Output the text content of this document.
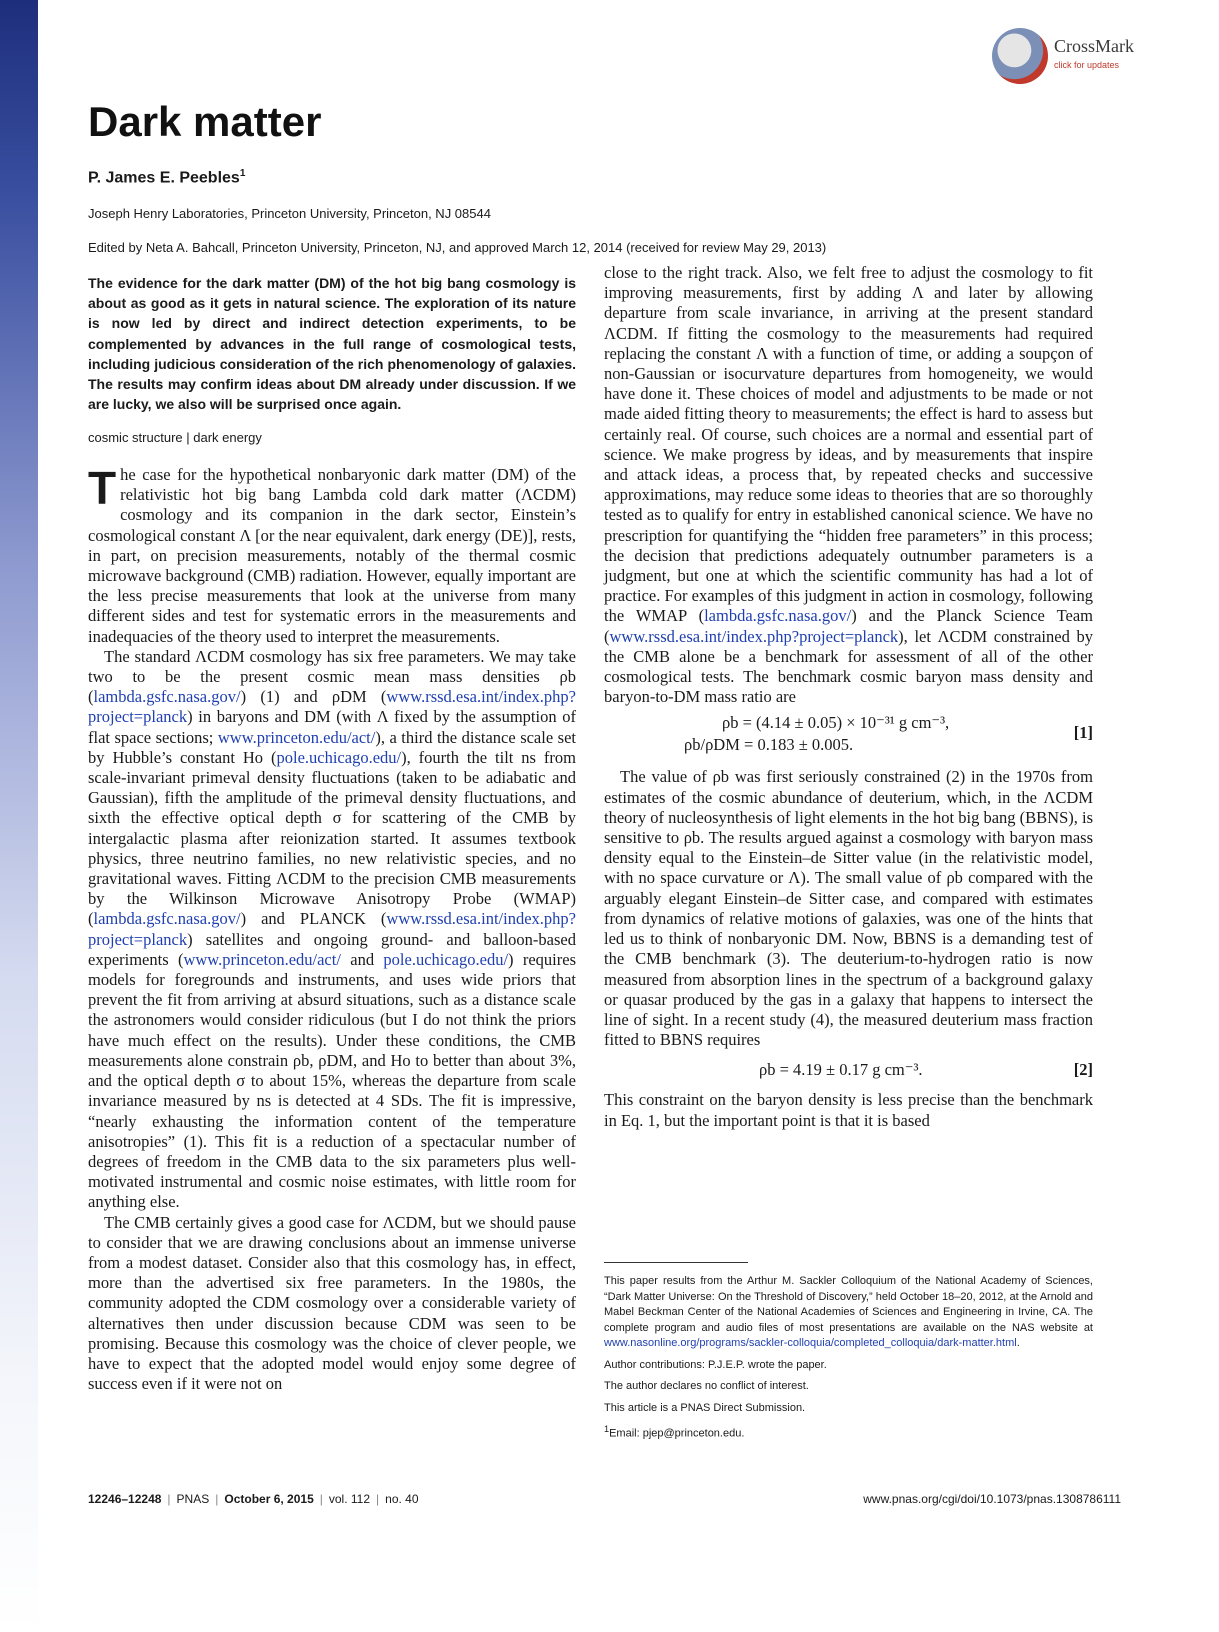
CrossMark
click for updates
Dark matter
P. James E. Peebles$^1$
Joseph Henry Laboratories, Princeton University, Princeton, NJ 08544
Edited by Neta A. Bahcall, Princeton University, Princeton, NJ, and approved March 12, 2014 (received for review May 29, 2013)

The evidence for the dark matter (DM) of the hot big bang cosmology is about as good as it gets in natural science. The exploration of its nature is now led by direct and indirect detection experiments, to be complemented by advances in the full range of cosmological tests, including judicious consideration of the rich phenomenology of galaxies. The results may confirm ideas about DM already under discussion. If we are lucky, we also will be surprised once again.

cosmic structure | dark energy

The case for the hypothetical nonbaryonic dark matter (DM) of the relativistic hot big bang Lambda cold dark matter (ΛCDM) cosmology and its companion in the dark sector, Einstein’s cosmological constant Λ [or the near equivalent, dark energy (DE)], rests, in part, on precision measurements, notably of the thermal cosmic microwave background (CMB) radiation. However, equally important are the less precise measurements that look at the universe from many different sides and test for systematic errors in the measurements and inadequacies of the theory used to interpret the measurements.

The standard ΛCDM cosmology has six free parameters. We may take two to be the present cosmic mean mass densities ρb (lambda.gsfc.nasa.gov/) (1) and ρDM (www.rssd.esa.int/index.php?project=planck) in baryons and DM (with Λ fixed by the assumption of flat space sections; www.princeton.edu/act/), a third the distance scale set by Hubble’s constant Ho (pole.uchicago.edu/), fourth the tilt ns from scale-invariant primeval density fluctuations (taken to be adiabatic and Gaussian), fifth the amplitude of the primeval density fluctuations, and sixth the effective optical depth σ for scattering of the CMB by intergalactic plasma after reionization started. It assumes textbook physics, three neutrino families, no new relativistic species, and no gravitational waves. Fitting ΛCDM to the precision CMB measurements by the Wilkinson Microwave Anisotropy Probe (WMAP) (lambda.gsfc.nasa.gov/) and PLANCK (www.rssd.esa.int/index.php?project=planck) satellites and ongoing ground- and balloon-based experiments (www.princeton.edu/act/ and pole.uchicago.edu/) requires models for foregrounds and instruments, and uses wide priors that prevent the fit from arriving at absurd situations, such as a distance scale the astronomers would consider ridiculous (but I do not think the priors have much effect on the results). Under these conditions, the CMB measurements alone constrain ρb, ρDM, and Ho to better than about 3%, and the optical depth σ to about 15%, whereas the departure from scale invariance measured by ns is detected at 4 SDs. The fit is impressive, “nearly exhausting the information content of the temperature anisotropies” (1). This fit is a reduction of a spectacular number of degrees of freedom in the CMB data to the six parameters plus well-motivated instrumental and cosmic noise estimates, with little room for anything else.

The CMB certainly gives a good case for ΛCDM, but we should pause to consider that we are drawing conclusions about an immense universe from a modest dataset. Consider also that this cosmology has, in effect, more than the advertised six free parameters. In the 1980s, the community adopted the CDM cosmology over a considerable variety of alternatives then under discussion because CDM was seen to be promising. Because this cosmology was the choice of clever people, we have to expect that the adopted model would enjoy some degree of success even if it were not on

close to the right track. Also, we felt free to adjust the cosmology to fit improving measurements, first by adding Λ and later by allowing departure from scale invariance, in arriving at the present standard ΛCDM. If fitting the cosmology to the measurements had required replacing the constant Λ with a function of time, or adding a soupçon of non-Gaussian or isocurvature departures from homogeneity, we would have done it. These choices of model and adjustments to be made or not made aided fitting theory to measurements; the effect is hard to assess but certainly real. Of course, such choices are a normal and essential part of science. We make progress by ideas, and by measurements that inspire and attack ideas, a process that, by repeated checks and successive approximations, may reduce some ideas to theories that are so thoroughly tested as to qualify for entry in established canonical science. We have no prescription for quantifying the “hidden free parameters” in this process; the decision that predictions adequately outnumber parameters is a judgment, but one at which the scientific community has had a lot of practice. For examples of this judgment in action in cosmology, following the WMAP (lambda.gsfc.nasa.gov/) and the Planck Science Team (www.rssd.esa.int/index.php?project=planck), let ΛCDM constrained by the CMB alone be a benchmark for assessment of all of the other cosmological tests. The benchmark cosmic baryon mass density and baryon-to-DM mass ratio are

ρb = (4.14 ± 0.05) × 10⁻³¹ g cm⁻³,
ρb/ρDM = 0.183 ± 0.005.
[1]

The value of ρb was first seriously constrained (2) in the 1970s from estimates of the cosmic abundance of deuterium, which, in the ΛCDM theory of nucleosynthesis of light elements in the hot big bang (BBNS), is sensitive to ρb. The results argued against a cosmology with baryon mass density equal to the Einstein–de Sitter value (in the relativistic model, with no space curvature or Λ). The small value of ρb compared with the arguably elegant Einstein–de Sitter case, and compared with estimates from dynamics of relative motions of galaxies, was one of the hints that led us to think of nonbaryonic DM. Now, BBNS is a demanding test of the CMB benchmark (3). The deuterium-to-hydrogen ratio is now measured from absorption lines in the spectrum of a background galaxy or quasar produced by the gas in a galaxy that happens to intersect the line of sight. In a recent study (4), the measured deuterium mass fraction fitted to BBNS requires

ρb = 4.19 ± 0.17 g cm⁻³.	[2]

This constraint on the baryon density is less precise than the benchmark in Eq. 1, but the important point is that it is based

This paper results from the Arthur M. Sackler Colloquium of the National Academy of Sciences, “Dark Matter Universe: On the Threshold of Discovery,” held October 18–20, 2012, at the Arnold and Mabel Beckman Center of the National Academies of Sciences and Engineering in Irvine, CA. The complete program and audio files of most presentations are available on the NAS website at www.nasonline.org/programs/sackler-colloquia/completed_colloquia/dark-matter.html.

Author contributions: P.J.E.P. wrote the paper.

The author declares no conflict of interest.

This article is a PNAS Direct Submission.

$^1$Email: pjep@princeton.edu.

12246–12248 | PNAS | October 6, 2015 | vol. 112 | no. 40	www.pnas.org/cgi/doi/10.1073/pnas.1308786111
